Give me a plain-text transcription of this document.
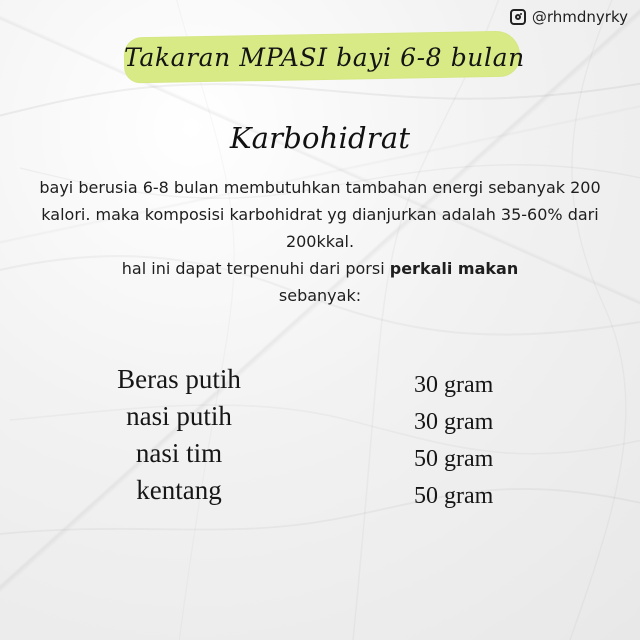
@rhmdnyrky
Takaran MPASI bayi 6-8 bulan
Karbohidrat

bayi berusia 6-8 bulan membutuhkan tambahan energi sebanyak 200 kalori. maka komposisi karbohidrat yg dianjurkan adalah 35-60% dari 200kkal.

hal ini dapat terpenuhi dari porsi perkali makan

sebanyak:

Beras putih	30 gram
nasi putih	30 gram
nasi tim	50 gram
kentang	50 gram
